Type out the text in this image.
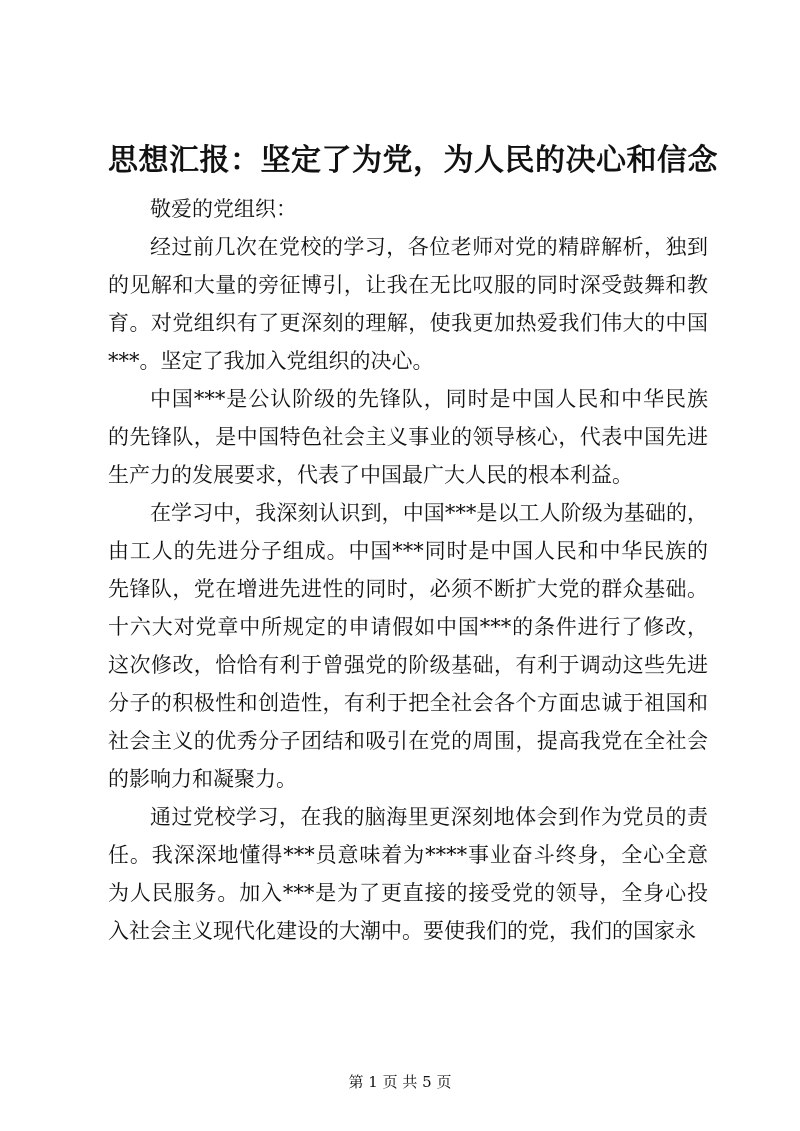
思想汇报：坚定了为党，为人民的决心和信念

敬爱的党组织：

经过前几次在党校的学习，各位老师对党的精辟解析，独到
的见解和大量的旁征博引，让我在无比叹服的同时深受鼓舞和教
育。对党组织有了更深刻的理解，使我更加热爱我们伟大的中国
***。坚定了我加入党组织的决心。

中国***是公认阶级的先锋队，同时是中国人民和中华民族
的先锋队，是中国特色社会主义事业的领导核心，代表中国先进
生产力的发展要求，代表了中国最广大人民的根本利益。

在学习中，我深刻认识到，中国***是以工人阶级为基础的，
由工人的先进分子组成。中国***同时是中国人民和中华民族的
先锋队，党在增进先进性的同时，必须不断扩大党的群众基础。
十六大对党章中所规定的申请假如中国***的条件进行了修改，
这次修改，恰恰有利于曾强党的阶级基础，有利于调动这些先进
分子的积极性和创造性，有利于把全社会各个方面忠诚于祖国和
社会主义的优秀分子团结和吸引在党的周围，提高我党在全社会
的影响力和凝聚力。

通过党校学习，在我的脑海里更深刻地体会到作为党员的责
任。我深深地懂得***员意味着为****事业奋斗终身，全心全意
为人民服务。加入***是为了更直接的接受党的领导，全身心投
入社会主义现代化建设的大潮中。要使我们的党，我们的国家永

第 1 页 共 5 页
